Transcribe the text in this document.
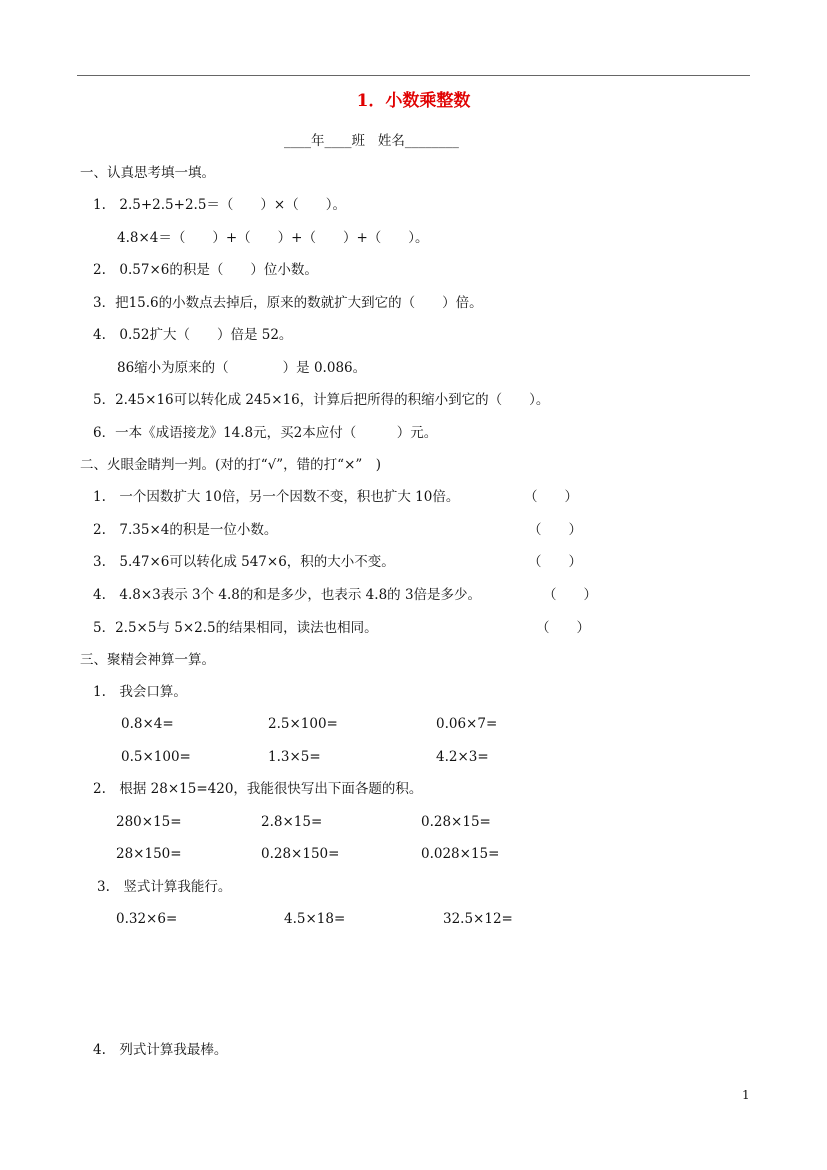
1．小数乘整数
____年____班   姓名________
一、认真思考填一填。
1.　2.5+2.5+2.5＝（　　）×（　　）。
4.8×4＝（　　）+（　　）+（　　）+（　　）。
2.　0.57×6的积是（　　）位小数。
3．把15.6的小数点去掉后，原来的数就扩大到它的（　　）倍。
4.　0.52扩大（　　）倍是 52。
86缩小为原来的（　　　　）是 0.086。
5．2.45×16可以转化成 245×16，计算后把所得的积缩小到它的（　　）。
6．一本《成语接龙》14.8元，买2本应付（　　　）元。
二、火眼金睛判一判。(对的打“√”，错的打“×”　)
1.　一个因数扩大 10倍，另一个因数不变，积也扩大 10倍。	（　　）
2.　7.35×4的积是一位小数。	（　　）
3.　5.47×6可以转化成 547×6，积的大小不变。	（　　）
4.　4.8×3表示 3个 4.8的和是多少，也表示 4.8的 3倍是多少。	（　　）
5．2.5×5与 5×2.5的结果相同，读法也相同。	（　　）
三、聚精会神算一算。
1.　我会口算。
0.8×4=	2.5×100=	0.06×7=
0.5×100=	1.3×5=	4.2×3=
2.　根据 28×15=420，我能很快写出下面各题的积。
280×15=	2.8×15=	0.28×15=
28×150=	0.28×150=	0.028×15=
3.　竖式计算我能行。
0.32×6=	4.5×18=	32.5×12=
4.　列式计算我最棒。
1
